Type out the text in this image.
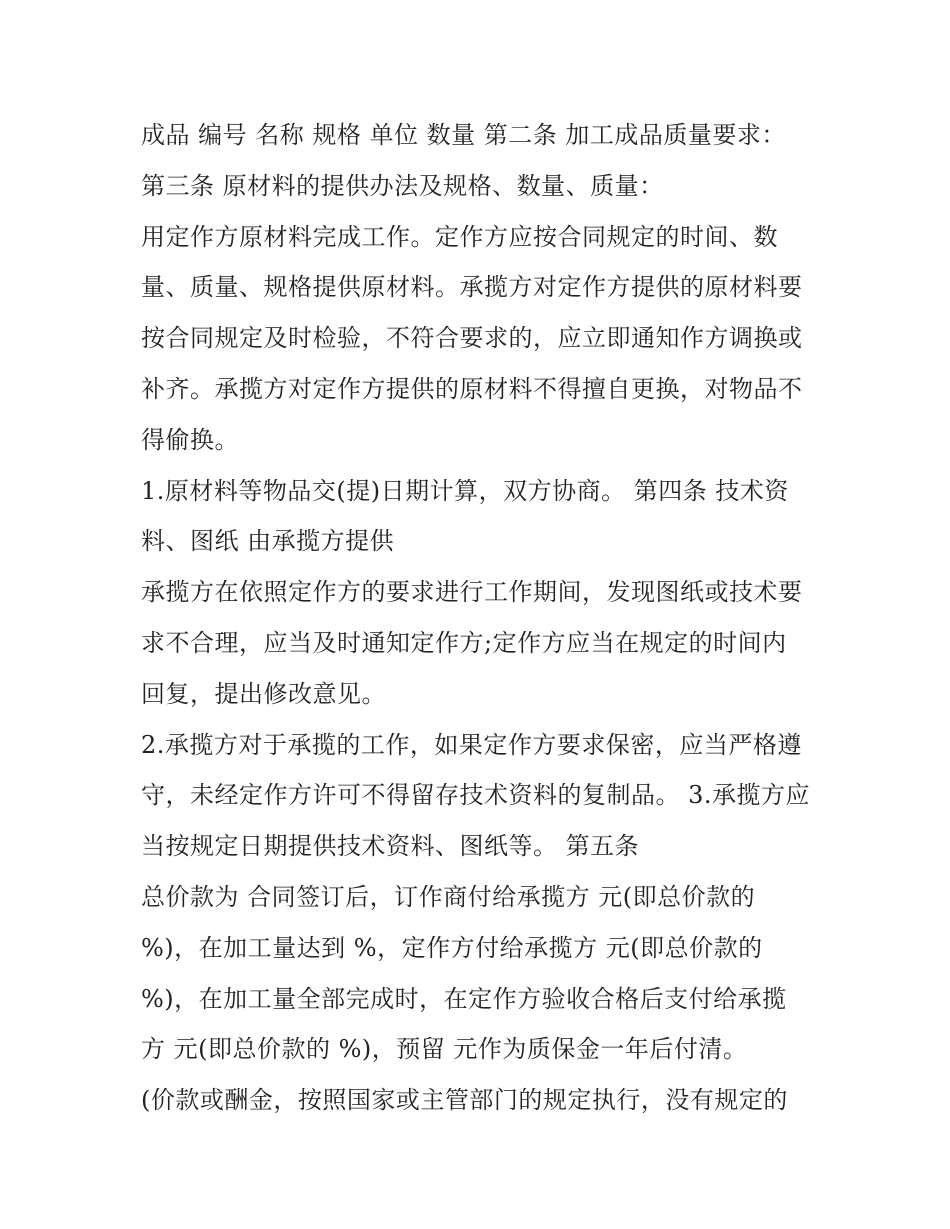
成品 编号 名称 规格 单位 数量 第二条 加工成品质量要求：
第三条 原材料的提供办法及规格、数量、质量：
用定作方原材料完成工作。定作方应按合同规定的时间、数
量、质量、规格提供原材料。承揽方对定作方提供的原材料要
按合同规定及时检验，不符合要求的，应立即通知作方调换或
补齐。承揽方对定作方提供的原材料不得擅自更换，对物品不
得偷换。
1.原材料等物品交(提)日期计算，双方协商。 第四条 技术资
料、图纸 由承揽方提供
承揽方在依照定作方的要求进行工作期间，发现图纸或技术要
求不合理，应当及时通知定作方;定作方应当在规定的时间内
回复，提出修改意见。
2.承揽方对于承揽的工作，如果定作方要求保密，应当严格遵
守，未经定作方许可不得留存技术资料的复制品。 3.承揽方应
当按规定日期提供技术资料、图纸等。 第五条
总价款为 合同签订后，订作商付给承揽方 元(即总价款的
%)，在加工量达到 %，定作方付给承揽方 元(即总价款的
%)，在加工量全部完成时，在定作方验收合格后支付给承揽
方 元(即总价款的 %)，预留 元作为质保金一年后付清。
(价款或酬金，按照国家或主管部门的规定执行，没有规定的
